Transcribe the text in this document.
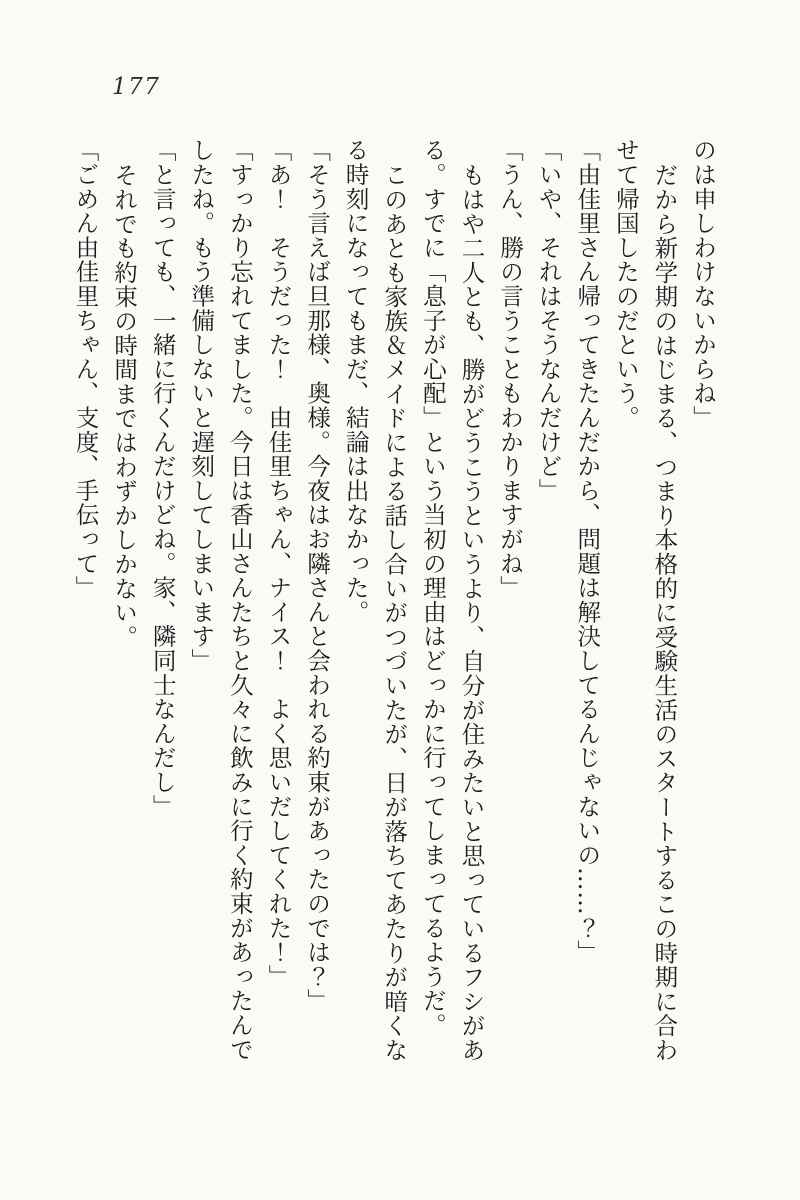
177

のは申しわけないからね」

だから新学期のはじまる、つまり本格的に受験生活のスタートするこの時期に合わ

せて帰国したのだという。

「由佳里さん帰ってきたんだから、問題は解決してるんじゃないの……？」

「いや、それはそうなんだけど」

「うん、勝の言うこともわかりますがね」

もはや二人とも、勝がどうこうというより、自分が住みたいと思っているフシがあ

る。すでに「息子が心配」という当初の理由はどっかに行ってしまってるようだ。

このあとも家族＆メイドによる話し合いがつづいたが、日が落ちてあたりが暗くな

る時刻になってもまだ、結論は出なかった。

「そう言えば旦那様、奥様。今夜はお隣さんと会われる約束があったのでは？」

「あ！　そうだった！　由佳里ちゃん、ナイス！　よく思いだしてくれた！」

「すっかり忘れてました。今日は香山さんたちと久々に飲みに行く約束があったんで

したね。もう準備しないと遅刻してしまいます」

「と言っても、一緒に行くんだけどね。家、隣同士なんだし」

それでも約束の時間まではわずかしかない。

「ごめん由佳里ちゃん、支度、手伝って」
